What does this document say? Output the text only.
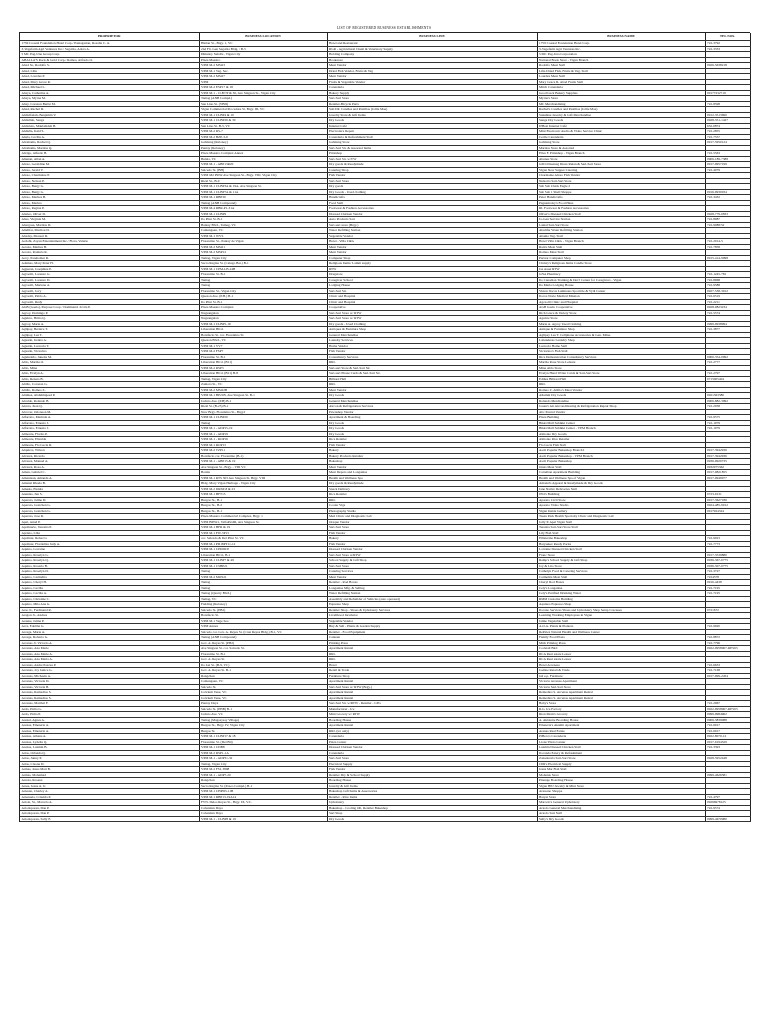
LIST OF REGISTERED BUSINESS ESTABLISHMENTS
PROPRIETOR	BUSINESS LOCATION	BUSINESS LINE	BUSINESS NAME	TEL NOS.
1759 Coastal Foundation Hotel Corp./ Pantagarian, Rosalie C. A.	Hinlan St., Brgy. 1, VC	Hotel and Restaurant	1759 Coastal Foundation Hotel Corp.	722-3792
3-Vegefarm Agri Ventures Inc./ Segobia, Adora A.	2nd Flr. Gen Segobia Bldg. / B-5	RGR - Agricultural Chem & Veterinary Supply	3-Vegefarm Agri Ventures Inc.	722-3333
5 MC Pag-Una Group Corp.	Dhindoy Subdiv., Vigan City	Holding Company	5 MC Pag-Una Corporation	
ABALLA'S Rock & Gold Corp./ Ramos, Alfredo O.	Plaza Maestro	Bookstore	National Book Store - Vigan Branch	
Abad Sr., Rodolfo S.	VPM M-2 MSO3	Meat Vendor	Rodolfo Meat Stall	0926-5638218
Abad, Lilia	VPM M-1 Veg. Sec.	Dried Fish Vendor, Fruits & Veg	Lilia Dried Fish, Fruits & Veg. Stall	
Abad, Lourdes P.	VPM M-2 MSO7	Meat Vendor	Lourdes Meat Stall	
Abad, Mary Grace R.	VPM	Fruits & Vegetable Vendor	Mary Grace R. Abad Fruits Stall	
Abad, Michael L.	VPM M-2 ESP17 & 18	Carenderia	Mitch Carenderia	
Abaya, Catherine A.	VPM M-1 - 1LB7/P & 30, Ave Singson St., Vigan City	Bakery Supply	Good Luck Bakery Supplies	09177232719
Abaya, Myrna M.	Tamag (ANB Compd.)	Sari-Sari Store	Myrna's Store	
Abay, Corazon Bertiz M.	San Lino St. (VBD)	Retailer-Bicycle Parts	MC Merchandising	722-8598
Abad, Rachel D.	Vigan Commercial Procedure St. Brgy. III, VC	Sub Dlr. Candles and Pastillas (Jollie Mae)	Rachel's Candles and Pastillas (Jollie Mae)	
Abdulfattah, Benjamin V.	VPM M-1 CLBP4 & 10	Jewelry Store & Gift Items	Sunshine Jewelry & Gift Merchandise	0912-3513690
Abdullah, Sanga	VPM M-1 CLBP29 & 30	Dry Goods	Sanga Dry Goods	0928-351-1427
Abduluto, Maklamdeh B.	San Lino St. B-5, VC	Internet Café	D'Best Internet Café	632-0874
Abdulla, Kaid S.	VPM M-2 RS-7	Electronics Repair	Mini Electronic Audio & Video Service Clinic	722-2855
Abela, Cecilia A.	VPM M-2 BZP-3-9	Carenderia & Refreshment Stall	Cecile Carenderia	722-7557
Abrahams, Rachel Q.	Gahitang (Reloney)	Gahitang Store	Gahitang Store	0917-5950124
Abrahams, Marilou Q.	Pantay (Reloney)	Sari-Sari Str. & Assorted Items	Marilou Store & Assorted	
Abrigo, Alfredo B.	Plaza Maestro Complex Annex	Printshop	Elles F. Printshop - Vigan Branch	722-5563
Abunan, Allan A.	Bulala, VC	Sari-Sari Str. w/VW	Abunas Store	0906-189-7388
Abreo, Geraldine M.	VPM M-1 - ABP13R20	Dry goods & Readymade	GM Orlasanag Dress Rutan & Sari-Sari Store	0917-9957199
Abreo, Jerald V.	Salcedo St. (BH)	Catering Shop	Vigan New Supper Catering	722-4079
Abreo, Charmaine P.	VPM M2 P9N2 Ave Singson St., Brgy. VIII, Vigan City	Fish Vendor	Charmaine Abreo Fish Vendor	
Abreo, Nelson P.	Rizal St., B-9	Sari-Sari Store	Nelson's Sari-Sari Store	
Abreo, Benjy G.	VPM M-1 CLBP3A & 19A, Ave Singson St.	Dry goods	Sab Sab Chick Eagle 2	
Abreo, Benjy G.	VPM M-1 CLBP7A & 11A	Dry Goods - Used clothing	Sab Sab 1 Shell Shoppe	0916-9930034
Abreo, Marites B.	VPM M-1 RBP30	Handicrafts	Peter Handicrafts	722-3432
Abreo, Marina	Tamag (ANB Compound)	Food Stall	Pagnamolay's Food Haus	
Abreo, Regina P.	VPM M-4 RBR-P1-31A	Footwear & Fashion Accessories	RL Footwear & Fashion Accessories	
Abeleo, Oliver D.	VPM M-1 CLBP9	Dressed Chicken Vendor	Oliver's Dressed Chicken Stall	0928-779-0833
Abes, Virginia M.	Ilo Pilar St. B-1	Auto Products Sari	Jo-Gen Service Station	722-8987
Abergosa, Marilou D.	Bantay Blvd., Tamag, VC	Sari-sari store (Brgy.)	Lantal Sari-Sari Store	722-9088/52
Abulifar, Marilou D.	Camangaan, VC	Water Refilling Station	Abulifar Water Refilling Station	
Abaday, Moneal D.	VPM M-1 WVS	Vegetable Vendor	Abama Veg. Stall	
Acdoñi, Zayan Entertainment Inc./ Flora, Valerie	Florentino St., Pantay de Vigan	Hotel - Villa C&G	Hotel Villa C&G - Vigan Branch	722-2014-5
Acosta, Marites B.	VPM M-2 MSO1	Meat Vendor	Rain's Meat Stall	722-7858
Acosta, Romulo R.	VPM M-2 MSP12	Meat Vendor	Romeo Meat Stall	
Acoy, Parehomar R.	Tamag, Vigan City	Computer Shop	Parizar Computer Shop	0915-414-9098
Adamas, Mary Peter H.	Sacra Regina St. (Calugo Bar.) B-1	Religious Items/ Lamm supply	Christy's Religious Items Candle Store	
Agpuran, Josephine P.	VPM M-1 CPM-LB-24B	RTW	Jas Asset RTW	
Agcaoili, Lorenzo G.	Florentino St. B-1	Drugstore	GNA Pharmacy	722-1245-781
Agcaoili, Lorenzo D.	Tamag	Caregiver School	Ilo Canadian Training & Dev't Center for Caregivers - Vigan	722-8968
Agcaoili, Marlene A.	Tamag	Lodging House	Ilo Maria Lodging House	722-9588
Agcaoili, Jovy	Florentino St., Vigan City	Sari-Sari Str.	Vision Ilocos Luminous Sporticle & Vydi Center	0927-538-3912
Agcaoili, Pablo A.	Quezon Ave. (P.H.) B-1	Clinic and Hospital	Ilocos Norte Medical Mission	722-6519
Agcaoili, Rudy	Ilo Pilar St. B-1	Clinic and Hospital	Agcaoili Clinic and Hospital	722-2211
AGB (Gaelo), Purpose Coop / Dominanci Jovita P.	Plaza Maestro Complex	Cooperative	AGB Gaelo Cooperative	0928-0823234
Agcoy, Domingo P.	Nagsangalan	Sari-Sari Store w/ RTW	Rich Grace & Variety Store	722-5574
Aguirre, Hrma Q.	Nagsangalan	Sari-Sari Store w/ RTW	Aguirre Store	
Agcoy, Marie A.	VPM M-1 CLBP5-19	Dry goods - Used Clothing	Marie A. Agcoy Used Clothing	0999-9938994
Aglipay, Bernice T.	Liberation Blvd.	Antiques & Furniture Shop	Antique & Furniture Shop	722-3877
Aglipay, Lea T.	Bonifacio St. cor. Florentino St.	General Merchandise	Aglipay Lea T. Cellphone Accessories & Gen. Mdse.	
Agustin, Irenita A.	Quezon Blvd., VC	Laundry Services	Labanderas Laundry Shop	
Agustin, Lucrecia T.	VPM M-1 VV7	Home Vendor	Lucrecia Home Stall	
Agustin, Victorino	VPM M-2 FSP7	Fish Vendor	Victorino's Fish Stall	
Aguinaldo, Junette M.	Florentino St. B-1	Consultancy Services	Rice Demonstration Consultancy Services	0906-354-0992
Ablo, Martha O.	Liberation Blvd. (B11)	RRL	Martha Rose Store Leisure	722-2777
Ablo, Mina	VPM M-2 RSP3	Sari-sari Store & Sari-Sari Str.	Mina Ablo Store	
Ablo, Evelyn A.	Liberation Blvd. (B11) B-8	Sari-sari Phone Cards & Sari-Sari Str.	Evelyn Hand Writer Cards & Sari-Sari Store	722-2797
Ablo, Renato B.	Tamag, Vigan City	Billiard Hall	Eddies Billiard Hall	0715005404
Abillo, Corazon G.	Zamora St., VC	RRL	RRL	
Abillo, Romeo Z.	VPM M-2 MSO2B	Meat Vendor	Romeo Z. Abillo's Meat Vendor	
Abimea, Abdulmajeed P.	VPM M-1 BP21B, Ave Singson St. B-1	Dry Goods	Allumm Dry Goods	0921363380
Alcalde, Rolando B.	Jacinto Ave. (P.H) B-1	General Merchandise	Rolando Merchandise	0906-882-3992
Alcera, Juan Q.	Rizal St. (B-25) B-1	Aircon & Refrigeration Services	Jouan's Air Airconditioning & Refrigeration Repair Shop	722-2038
Alcover, Odonaon M.	New Brgy. Florentino St., Brgy.I	Pawnshop Vendor	Abc Pawnd Vendor	
Alfarrato, Marinda A.	VPM M-1 CLBP20	Apartment & Boarding	Plaza Building	722-9575
Alfarrato, Ernesto J.	Tamag	Dry Goods	Bikki Mall Sabikki Center	722-1979
Alfarrato, Ernesto J.	VPM M-1 - ADP15-19	Dry Goods	Bikki Mall Sabikki Center - VPM Branch	722-1979
Almonte, Florito P.	VPM M-1 - ADP19	Dry Goods	Almonte Dry Goods	
Almonte, Elizalde	VPM M-1 - ROP16	Rice Retailer	Almonte Rice Retailer	
Almonte, Flo Lucia R.	VPM M-1 ROP13	Fish Vendor	Flo Lucia Fish Stall	
Alquiros, Wilson	VPM M-2 TZP11	Bakery	Ascii Popular Bakeshop Branch I	0917-3942936
Alvarez, Ricardo	Bonifacio cor. Florentino (B-1)	Bakery Products Retailer	Ascii Popular Bakeshop - VPM Branch	0917-3942936
Alvarez, Manuel A.	VPM M-1 - ABP15 & 19	Bakeshop	Ascii Popular Bakeshop	0936-9920735
Alvarez, Rosa A.	Ave Singson St., Brgy. - VIII VC	Meat Vendor	Oasis Meat Stall	0932975362
Aman, Gabriel C.	Bonita	Meat Depots and Longanisa	Catreiban Apartment Building	0917-9821855
Amantean, Amanda A.	VPM M-1 RTS 303 Ave Singson St. Brgy. VIII	Health and Wellness Spa	Health and Wellness Spa of Vigan	0917-9949077
Amansi Rhoda B.	Bldg. Mary Vigan Heritage - Vigan City	Dry goods & Readymade	Amansi's Apparel & Readymade & Dry Goods	
Amasis, Elenita	VPM M-2 DRSP-8 & 23	Snack Delivery	Jane Native Delicacies Stall	
Ananias, Jun S.	VPM M-1 BFT15	Rice Retailer	JEO's Building	0723-9131
Aparato, Jaime D.	Burgos St., B-1	RRL	Aparato Civil Store	0917-3627186
Aparato, Gretchen G.	Burgos St., B-2	Cooler Vigs	Aparato Video Studio	0924-485-9012
Aparato, Gretchen G.	Burgos St., B-1	Photography Studio	Vigan Inside Gallery	0917924324
Aparato, Jose R.	Plaza Maestro Commercial Complex, Brgy. 1	Med Clinic and Diagnostic Lab	Tasan Park Health Specialty Clinic and Diagnostic Lab	
Apel, Arnel P.	VPM BPN21, TalfaPaxIR, Ave Singson St.	Oraque Vendor	Jolly P. Apel Vigan Stall	
Apolinario, Teresita P.	VPM M-1 BFR & 19	Sari-Sari Store	Teresita Sari-Sari Store Stall	
Aprieto, Lilia	VPM M-1 FW-3P13	Fish Vendor	Lily Fish Stall	
Apolinar, Rebecca	cor. Salcedo & Del Pilar St. VC	Bakery	Ellisterina Bakeshop	722-9023
Apolinar, Flordeliza Judy A.	VPM M-1 PD18PT11-12	Fish Vendor	Baryseker Ready Packs	722-7773
Aquino, Lorraine	VPM M-1 CPDDCP	Dressed Chicken Vendor	Lorraine Dressed Chicken Stall	
Aquino, Roselyn G.	Liberation Blvd., B-1	Sari-Sari Store w/RTW	Franc Store	0917-3539880
Aquino, Roselyn Q.	VPM M-1 CLBP7 & 49	School Supply & Gift Shop	Ramp's School Supply & Gift Shop	0936-367-0775
Aquino, Rosario B.	VPM M-1 CSBP21	Sari-Sari Store	Joy & Lito Store	0936-307-0775
Aquino, Roselyn D.	Tamag	Catering Services	Cathelyn Food & Catering Services	722-3727
Aquino, Carmelita	VPM M-2 MOS21	Meat Vendor	Carmelita Meat Stall	7224378
Aquino, Cheryl H.	Tamag	Retailer - Rod Boxes	Cheryl Rod Boxes	0910-4438
Aquino, Cecilia	Tamag	Longanisa Mfg. & Selling	Cely's Longanisa	722-7195
Aquino, Cecilia A.	Tamag (Quarry Blvd.)	Water Refilling Station	Cely's Purified Drinking Water	722-7195
Aquino, Christine C.	Tamag, VC	Assembly and Rebuilder of Vehicles (auto operated)	RMM Customs Building	
Aquino, Mila Ana G.	Fielding (Reloney)	Espresso Shop	Aquinos Espresso Shop	
Arao Jr., Ferdinand R.	Salcedo St. (PB2)	Retailer Shop - Shoes & Upholstery Services	Ilocano Services Shoes and Upholstery Shop Setup Crecenes	0721672
Aragon Jr., Andrea	Bonifacio St.	Livelihood Incubator	Learning Working Employees in Vigan	
Araune, Jaime P.	VPM M-1 Vege Sec.	Vegetable Vendor	Jaime Vegetable Stall	
Arca, Edeltha G.	VPM Annex	Buy & Sell - Plants & Garden Supply	A.O.A. Plants & Planters	722-9920
Arcega, Marie A.	Salcedo cor. Gov. A. Reyes St. (Cruz Reyes Bldg.) B-1, VC	Retailer - Food Equipment	RePalex Natural Health and Wellness Center	
Arcega, Roberto G.	Tamag (ANB Compound)	Canteen	Family Food Plaza	722-8872
Arcenas Jr. Victorio A.	Gov. A. Reyes St. (PB2)	Printing Press	Mish Printing Press	722-7796
Arcenas, Ana Marie	Ave Singson St. cor. Salcedo St.	Apartment Rental	Cocktail Bird	0922-9958967-RES63
Arcenas, Ana Marie A.	Florentino St. B-1	RRL	RCA Real estate Lessor	
Arcenas, Ana Maria A.	Gov. A. Reyes St.	RRL	RCA Real estate Lessor	
Arcenas, Andre Pascua P.	Ilo Lui St. (B-9, VC)	Hotel	Hotel Arcenasa	722-6633
Arcenas, Joy Janice G.	Gov. A. Reyes St. B-1	Retail & Trade	Joeline Retail & Trade	722-7168
Arcenas, Michaela A.	Rangchan	Furniture Shop	Gil e.p. Furniture	0917-999-2454
Arcenas, Victoria D.	Camangaan, VC	Apartment Rental	Victoria Arcenas Apartment	
Arcenas, Victoria B.	Salcedo St.	Sari-Sari Store w/ RTW (Brgy.)	Victoria Sari-Sari Store	
Arcenas, Remedios S.	Jocirium Vene, VC	Apartment Rental	Remedios S. Arcenas Apartment Rental	
Arcenas, Remedios S.	Jocirium Vene, VC	Apartment Rental	Remedios S. Arcenas Apartment Rental	
Arcenas, Maribel F.	Pantay Daya	Sari-Sari Str. w/RTW - Retailer - LPG	Baby's Store	722-2967
Ardo, Pirita G.	Salcedo St. (PHB) B-1	Manufacturer - Ice	R.G. Ice Factory	0922-9958967-RES63
Ardo, Pirita P.	Jacinto Ave. VC	Mini Grocery w/ RTW	Rion Mom's Grocery	0999-9984962
Arenal, Agnes A.	Tamag (Magsaysay Village)	Boarding House	A. Akbanite Boarding House	0906-3839088
Arenas, Emeteria A.	Burgos St., Brgy. IV, Vigan City	Apartment Rental	Emeteria's Akumit Apartment	722-6917
Arenas, Emeteria A.	Burgos St.	RRL (lot only)	Arenas Real Estate	722-6917
Arenas, Athana A.	VPM M-1 CLBP17 & 18	Carenderia	PiHero's Carenderia	0922-8070-12
Arenas, Lydelia Q.	Florentino St. (Del Bil)	Pizza Center	Lions' Pizza Center	0917-9194329
Arenas, Luzmin B.	VPM M-1 CDB8	Dressed Chicken Vendor	Luzmin Dressed Chicken Stall	722-3393
Arias, Orlanda Q.	VPM M-2 RSP1-1A	Carenderia	Ilocanda Eatery & Refreshment	
Arias, Junny P.	VPM M-1 - ADP31-32	Sari-Sari Store	Zanadevela Sari-Sari Store	0928-5952448
Arias, Cleone D.	Tamag, Vigan City	Electrical Supply	CPR's Electrical Supply	
Armas, Jesus Mart B.	VPM M-2 FSL 3898	Fish Vendor	Jesus Mar Fish Stall	
Armas, Mohamad	VPM M-1 - ADP7-20	Retailer Dry & School Supply	Mohanis Store	0999-4626381
Arreza, Rosana	Rangchan	Boarding House	Pinange Boarding House	
Arsas, Jesus A. Jr.	Sacra Regina St. (Paseo Compd.) B-1	Jewelry & Gift Items	Vigan HPJ Jewelry & Mini Store	
Artesan, Charley A.	VPM M-1 CHPD3-11B	Bakeshop Gift Items & Assecsories	Artesano Shoppe	
Artezuela, Criselda P.	VPM M-1 RBP13-19A14	Retailer - Rice Items	Baryei Store	722-4797
Ariola, Sr., Marcelo A.	FVN. Delos Reyes St., Brgy. IX, V.C.	Upholstery	Marcelo's General Upholstery	09266978125
Ariodoporen, Dan P.	Cabanitan Daya	Bakeshop - Cooling Oil, Retailer Bakeshop	Ariodo General Merchandising	722-9574
Ariodoporen, Dan P.	Cabanitan Daya	Sari Shop	Ariodo Sari Stall	
Ariodoporen, Sally E.	VPM M-1 - CLBP8 & 19	Dry Goods	Sally's Dry Goods	0999-4670980
